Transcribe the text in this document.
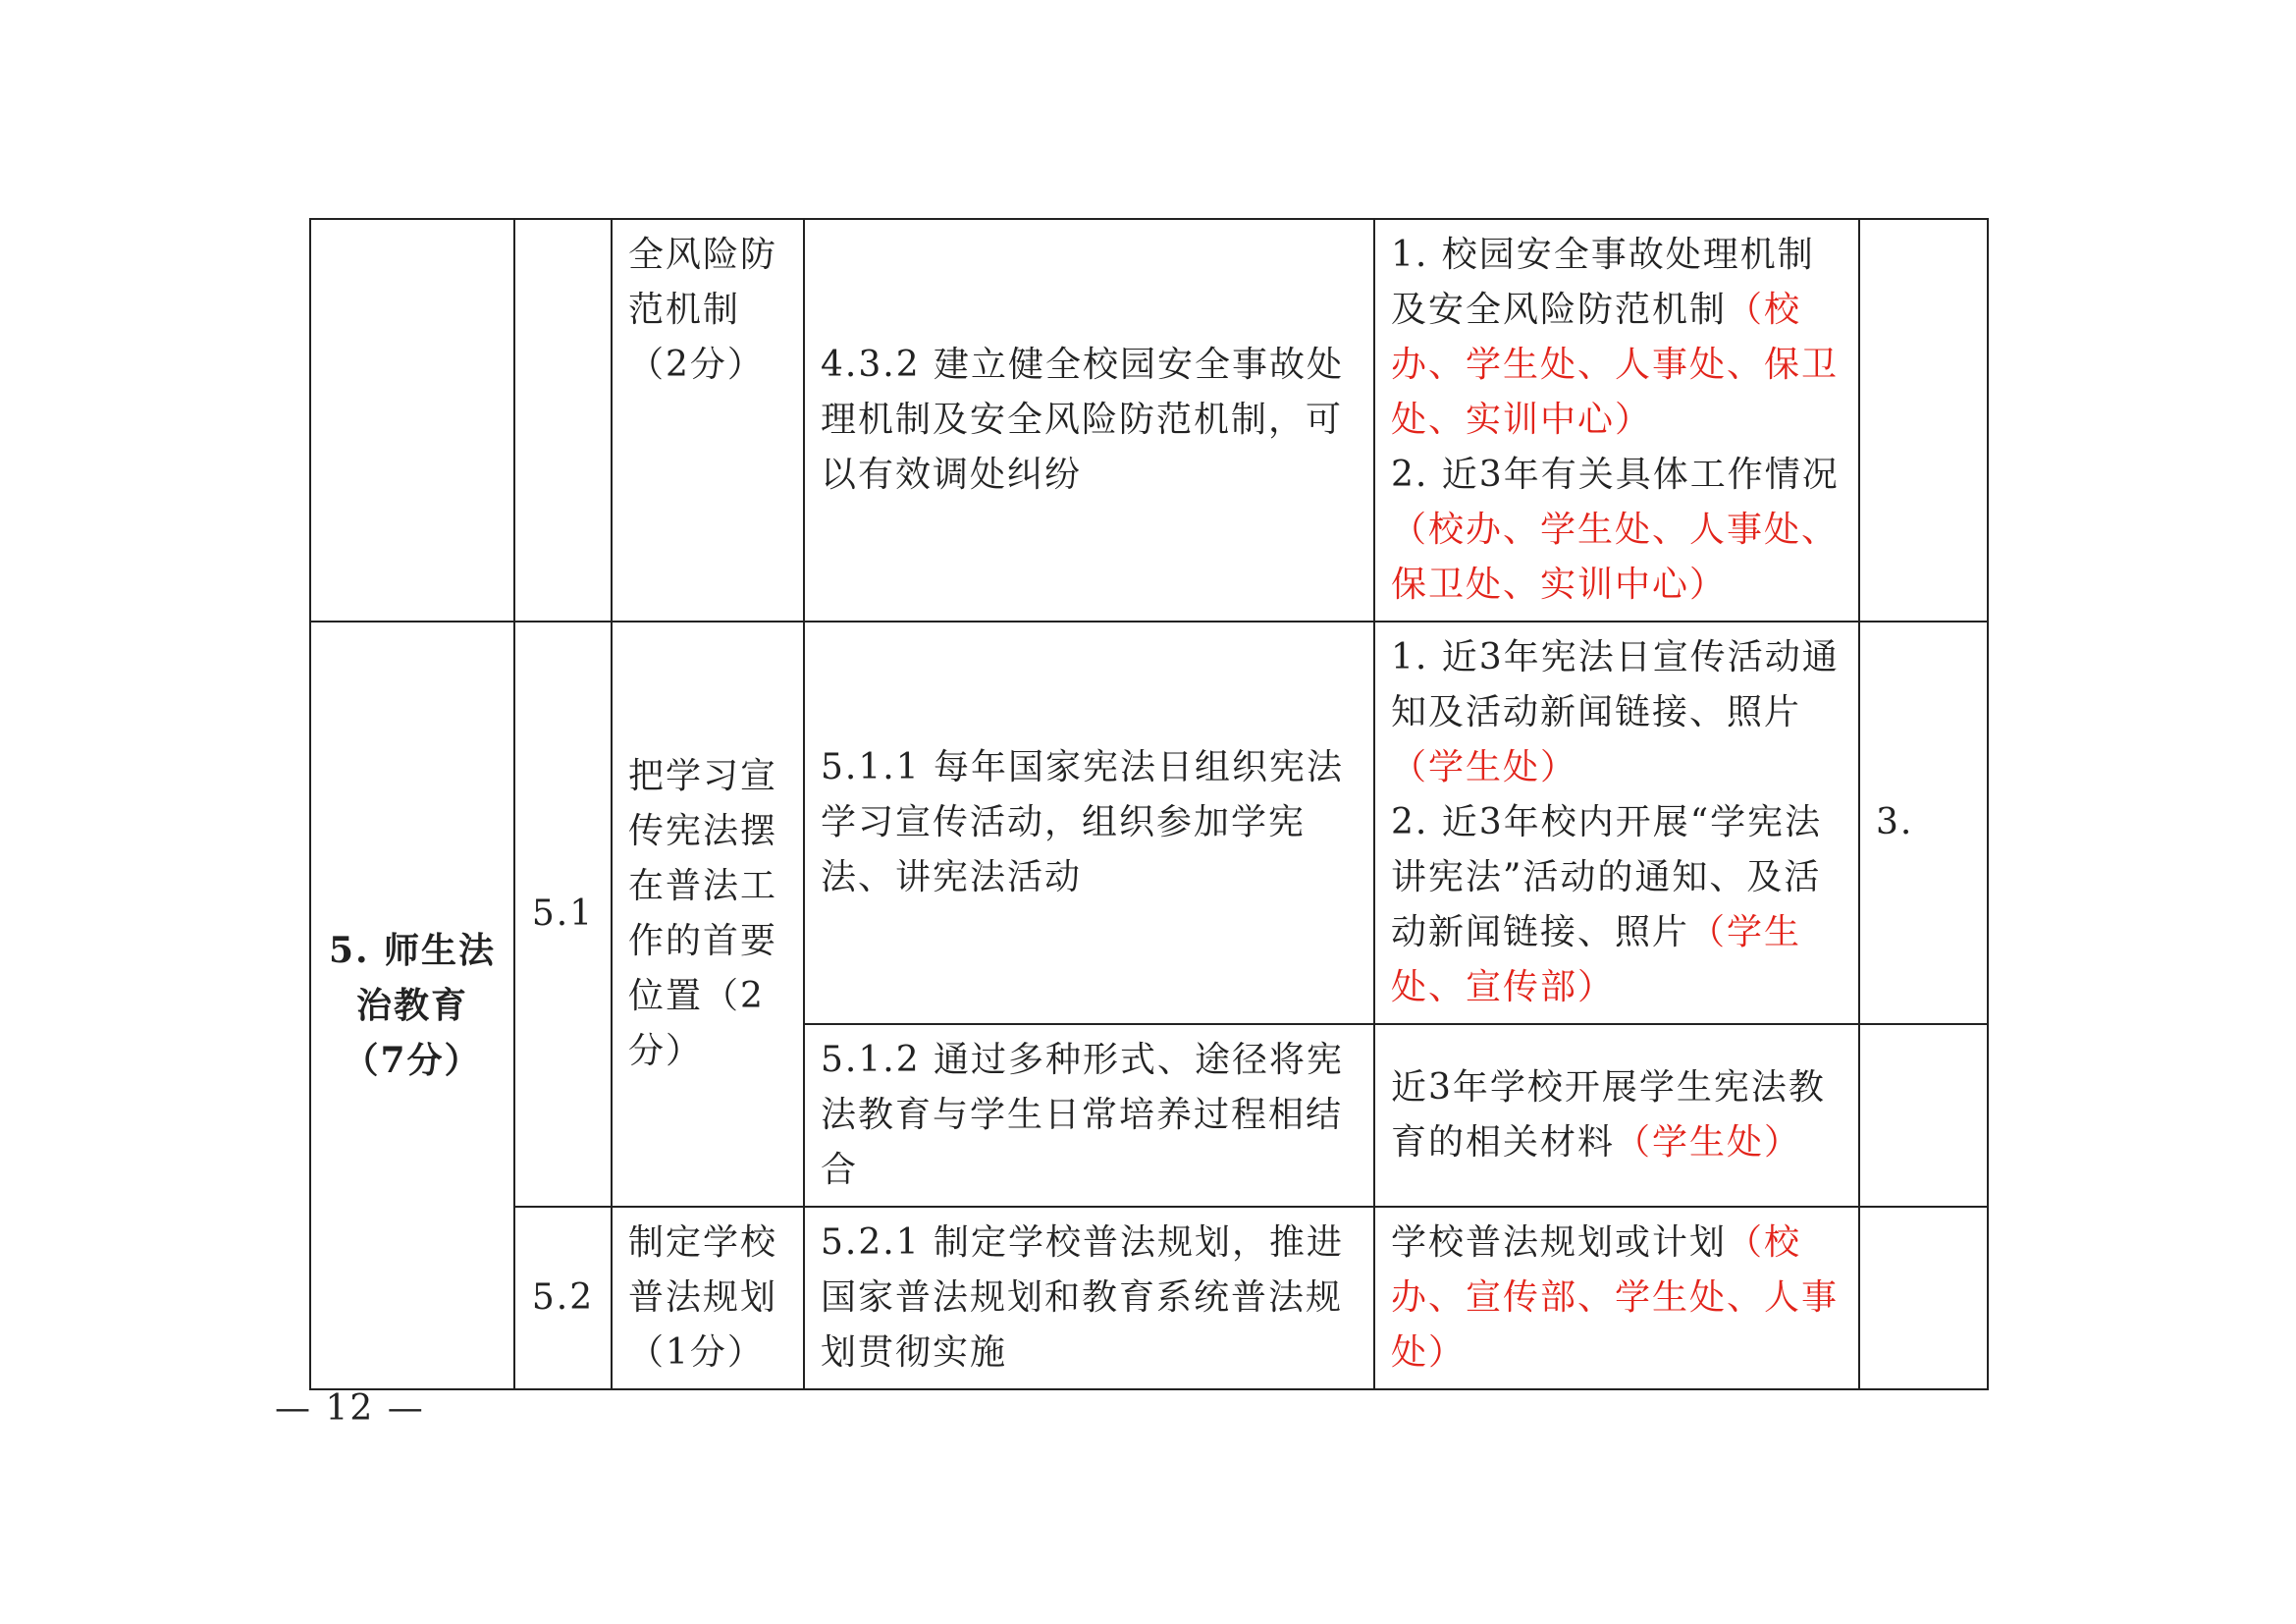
		全风险防范机制（2分）	4.3.2 建立健全校园安全事故处理机制及安全风险防范机制，可以有效调处纠纷	1. 校园安全事故处理机制及安全风险防范机制（校办、学生处、人事处、保卫处、实训中心）
2. 近3年有关具体工作情况（校办、学生处、人事处、保卫处、实训中心）	

5. 师生法治教育（7分）	5.1	把学习宣传宪法摆在普法工作的首要位置（2分）	5.1.1 每年国家宪法日组织宪法学习宣传活动，组织参加学宪法、讲宪法活动	1. 近3年宪法日宣传活动通知及活动新闻链接、照片（学生处）
2. 近3年校内开展“学宪法讲宪法”活动的通知、及活动新闻链接、照片（学生处、宣传部）	3.
			5.1.2 通过多种形式、途径将宪法教育与学生日常培养过程相结合	近3年学校开展学生宪法教育的相关材料（学生处）	
	5.2	制定学校普法规划（1分）	5.2.1 制定学校普法规划，推进国家普法规划和教育系统普法规划贯彻实施	学校普法规划或计划（校办、宣传部、学生处、人事处）	
— 12 —
